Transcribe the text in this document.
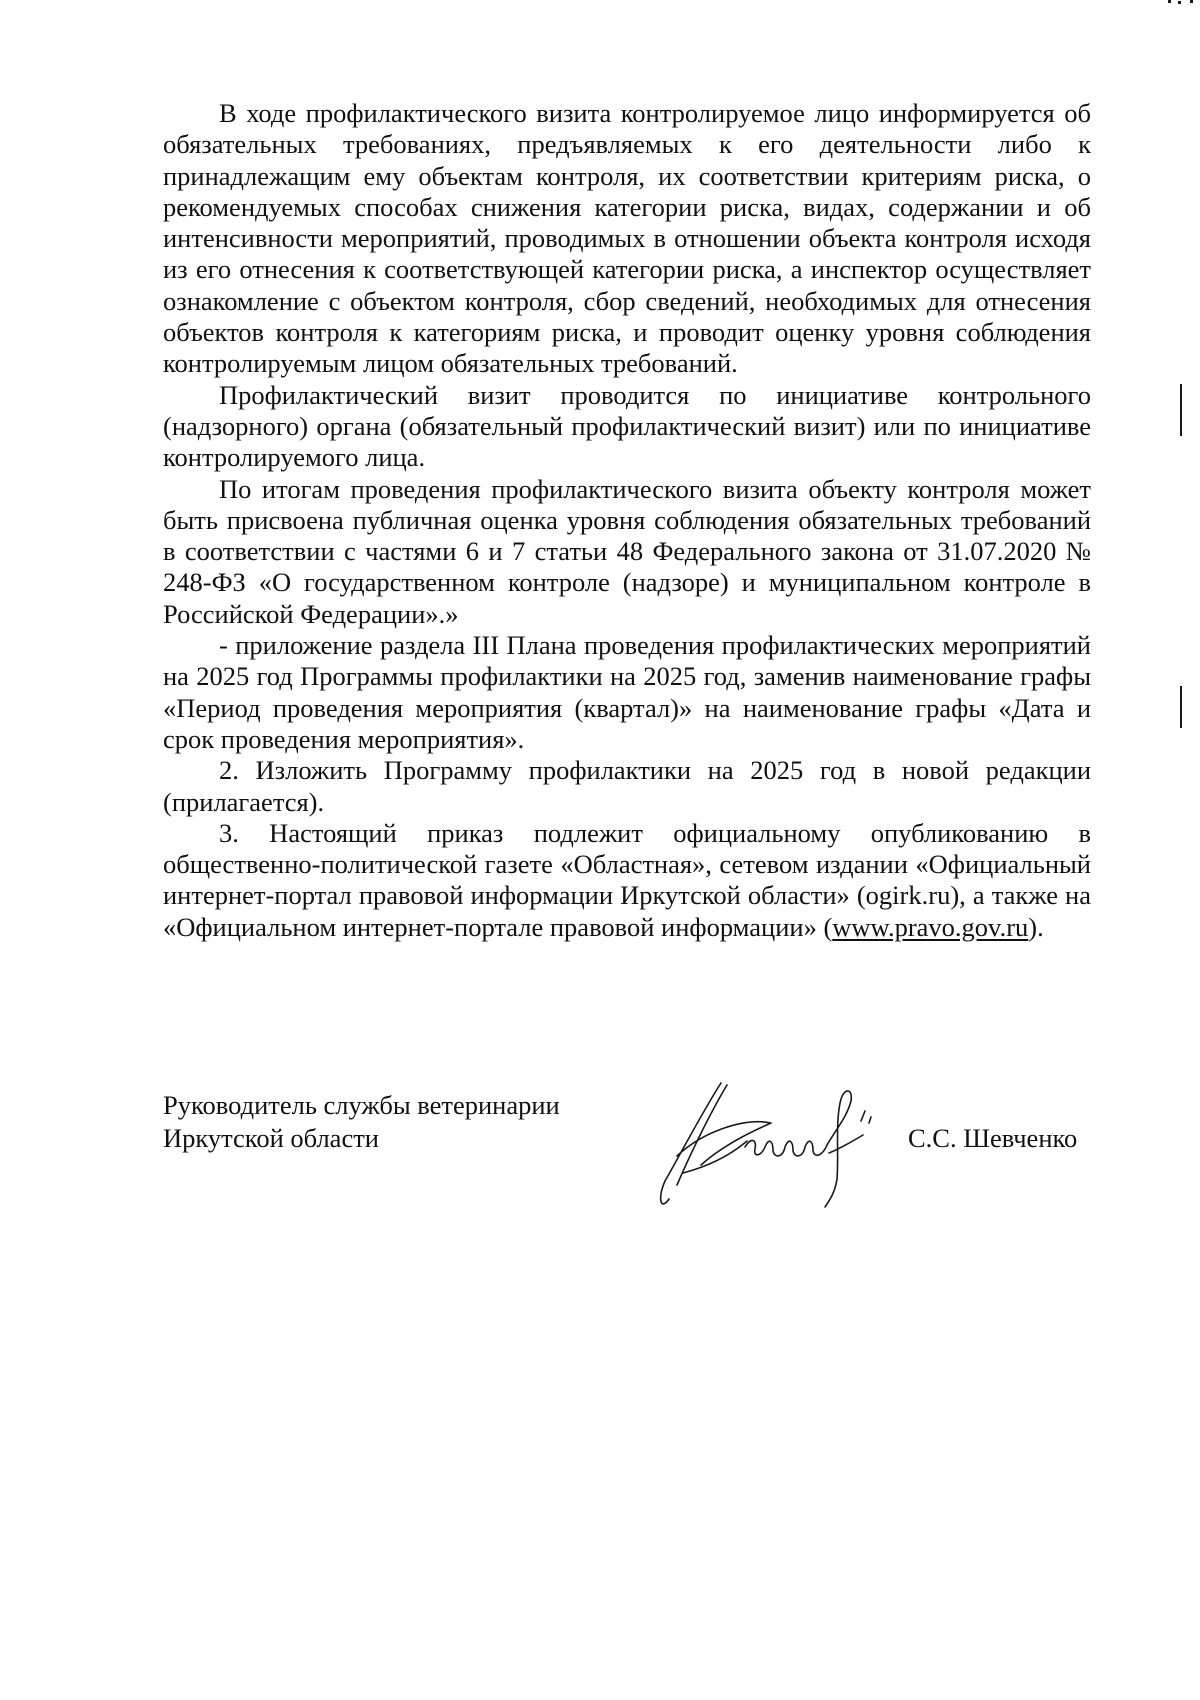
В ходе профилактического визита контролируемое лицо информируется об обязательных требованиях, предъявляемых к его деятельности либо к принадлежащим ему объектам контроля, их соответствии критериям риска, о рекомендуемых способах снижения категории риска, видах, содержании и об интенсивности мероприятий, проводимых в отношении объекта контроля исходя из его отнесения к соответствующей категории риска, а инспектор осуществляет ознакомление с объектом контроля, сбор сведений, необходимых для отнесения объектов контроля к категориям риска, и проводит оценку уровня соблюдения контролируемым лицом обязательных требований.

Профилактический визит проводится по инициативе контрольного (надзорного) органа (обязательный профилактический визит) или по инициативе контролируемого лица.

По итогам проведения профилактического визита объекту контроля может быть присвоена публичная оценка уровня соблюдения обязательных требований в соответствии с частями 6 и 7 статьи 48 Федерального закона от 31.07.2020 № 248-ФЗ «О государственном контроле (надзоре) и муниципальном контроле в Российской Федерации».»

- приложение раздела III Плана проведения профилактических мероприятий на 2025 год Программы профилактики на 2025 год, заменив наименование графы «Период проведения мероприятия (квартал)» на наименование графы «Дата и срок проведения мероприятия».

2. Изложить Программу профилактики на 2025 год в новой редакции (прилагается).

3. Настоящий приказ подлежит официальному опубликованию в общественно-политической газете «Областная», сетевом издании «Официальный интернет-портал правовой информации Иркутской области» (ogirk.ru), а также на «Официальном интернет-портале правовой информации» (www.pravo.gov.ru).

Руководитель службы ветеринарии
Иркутской области	С.С. Шевченко
